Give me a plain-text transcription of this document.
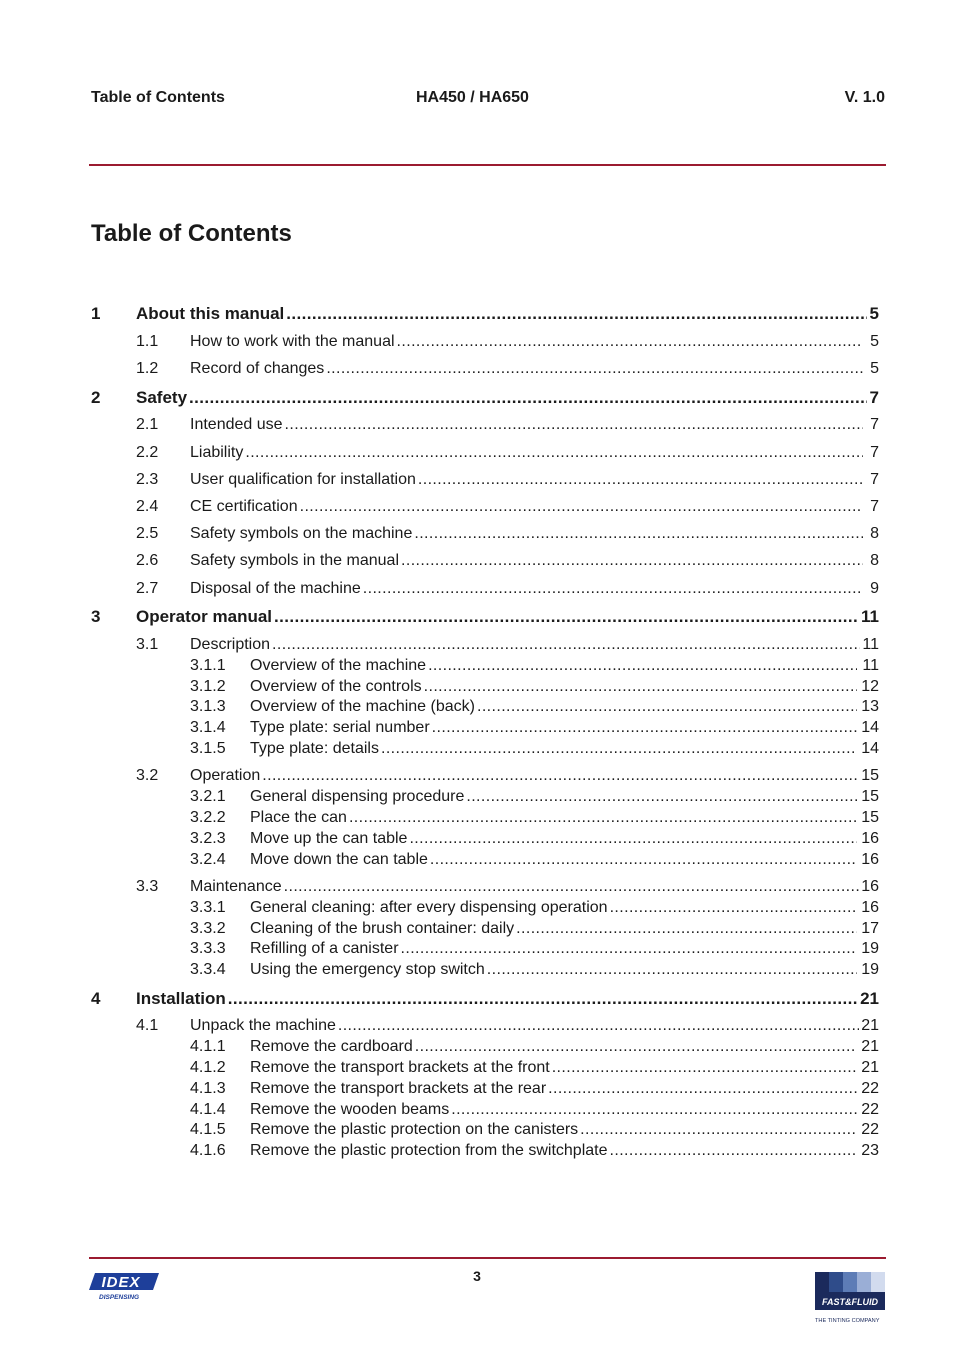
Table of Contents	HA450 / HA650	V. 1.0
Table of Contents
1	About this manual .....	5
1.1	How to work with the manual .....	5
1.2	Record of changes .....	5
2	Safety .....	7
2.1	Intended use .....	7
2.2	Liability .....	7
2.3	User qualification for installation .....	7
2.4	CE certification .....	7
2.5	Safety symbols on the machine .....	8
2.6	Safety symbols in the manual .....	8
2.7	Disposal of the machine .....	9
3	Operator manual .....	11
3.1	Description .....	11
3.1.1	Overview of the machine .....	11
3.1.2	Overview of the controls .....	12
3.1.3	Overview of the machine (back) .....	13
3.1.4	Type plate: serial number .....	14
3.1.5	Type plate: details .....	14
3.2	Operation .....	15
3.2.1	General dispensing procedure .....	15
3.2.2	Place the can .....	15
3.2.3	Move up the can table .....	16
3.2.4	Move down the can table .....	16
3.3	Maintenance .....	16
3.3.1	General cleaning: after every dispensing operation .....	16
3.3.2	Cleaning of the brush container: daily .....	17
3.3.3	Refilling of a canister .....	19
3.3.4	Using the emergency stop switch .....	19
4	Installation .....	21
4.1	Unpack the machine .....	21
4.1.1	Remove the cardboard .....	21
4.1.2	Remove the transport brackets at the front .....	21
4.1.3	Remove the transport brackets at the rear .....	22
4.1.4	Remove the wooden beams .....	22
4.1.5	Remove the plastic protection on the canisters .....	22
4.1.6	Remove the plastic protection from the switchplate .....	23
IDEX
DISPENSING
3
FAST&FLUID
THE TINTING COMPANY
